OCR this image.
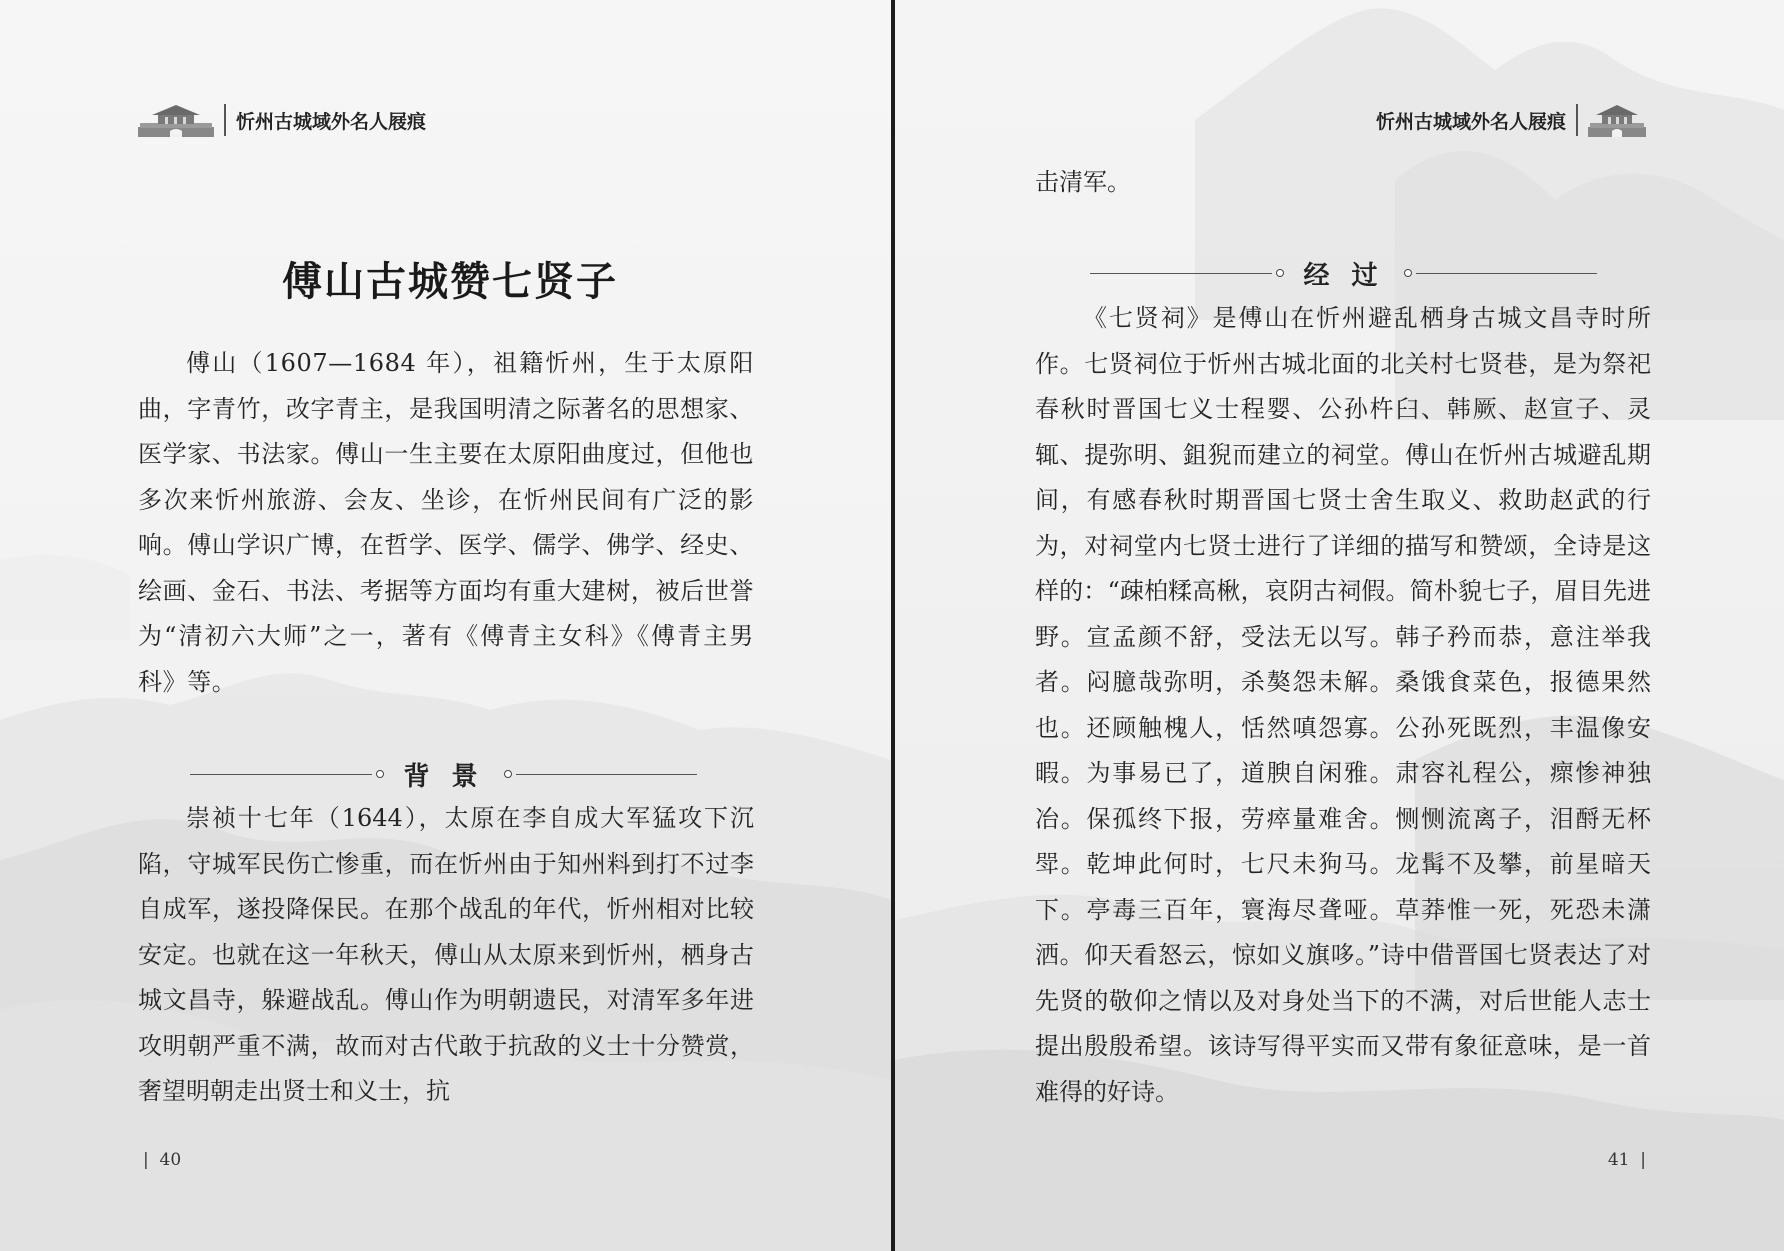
忻州古城域外名人屐痕
傅山古城赞七贤子

傅山（1607—1684 年），祖籍忻州，生于太原阳曲，字青竹，改字青主，是我国明清之际著名的思想家、医学家、书法家。傅山一生主要在太原阳曲度过，但他也多次来忻州旅游、会友、坐诊，在忻州民间有广泛的影响。傅山学识广博，在哲学、医学、儒学、佛学、经史、绘画、金石、书法、考据等方面均有重大建树，被后世誉为“清初六大师”之一，著有《傅青主女科》《傅青主男科》等。

背景

崇祯十七年（1644），太原在李自成大军猛攻下沉陷，守城军民伤亡惨重，而在忻州由于知州料到打不过李自成军，遂投降保民。在那个战乱的年代，忻州相对比较安定。也就在这一年秋天，傅山从太原来到忻州，栖身古城文昌寺，躲避战乱。傅山作为明朝遗民，对清军多年进攻明朝严重不满，故而对古代敢于抗敌的义士十分赞赏，奢望明朝走出贤士和义士，抗

|  40
忻州古城域外名人屐痕

击清军。

经过

《七贤祠》是傅山在忻州避乱栖身古城文昌寺时所作。七贤祠位于忻州古城北面的北关村七贤巷，是为祭祀春秋时晋国七义士程婴、公孙杵臼、韩厥、赵宣子、灵辄、提弥明、鉏猊而建立的祠堂。傅山在忻州古城避乱期间，有感春秋时期晋国七贤士舍生取义、救助赵武的行为，对祠堂内七贤士进行了详细的描写和赞颂，全诗是这样的：“疎柏糅高楸，哀阴古祠假。简朴貌七子，眉目先进野。宣孟颜不舒，受法无以写。韩子矜而恭，意注举我者。闷臆哉弥明，杀獒怨未解。桑饿食菜色，报德果然也。还顾触槐人，恬然嗔怨寡。公孙死既烈，丰温像安暇。为事易已了，道腴自闲雅。肃容礼程公，瘝惨神独冶。保孤终下报，劳瘁量难舍。恻恻流离子，泪酹无杯斝。乾坤此何时，七尺未狗马。龙髯不及攀，前星暗天下。亭毒三百年，寰海尽聋哑。草莽惟一死，死恐未潇洒。仰天看怒云，惊如义旗哆。”诗中借晋国七贤表达了对先贤的敬仰之情以及对身处当下的不满，对后世能人志士提出殷殷希望。该诗写得平实而又带有象征意味，是一首难得的好诗。

41  |
